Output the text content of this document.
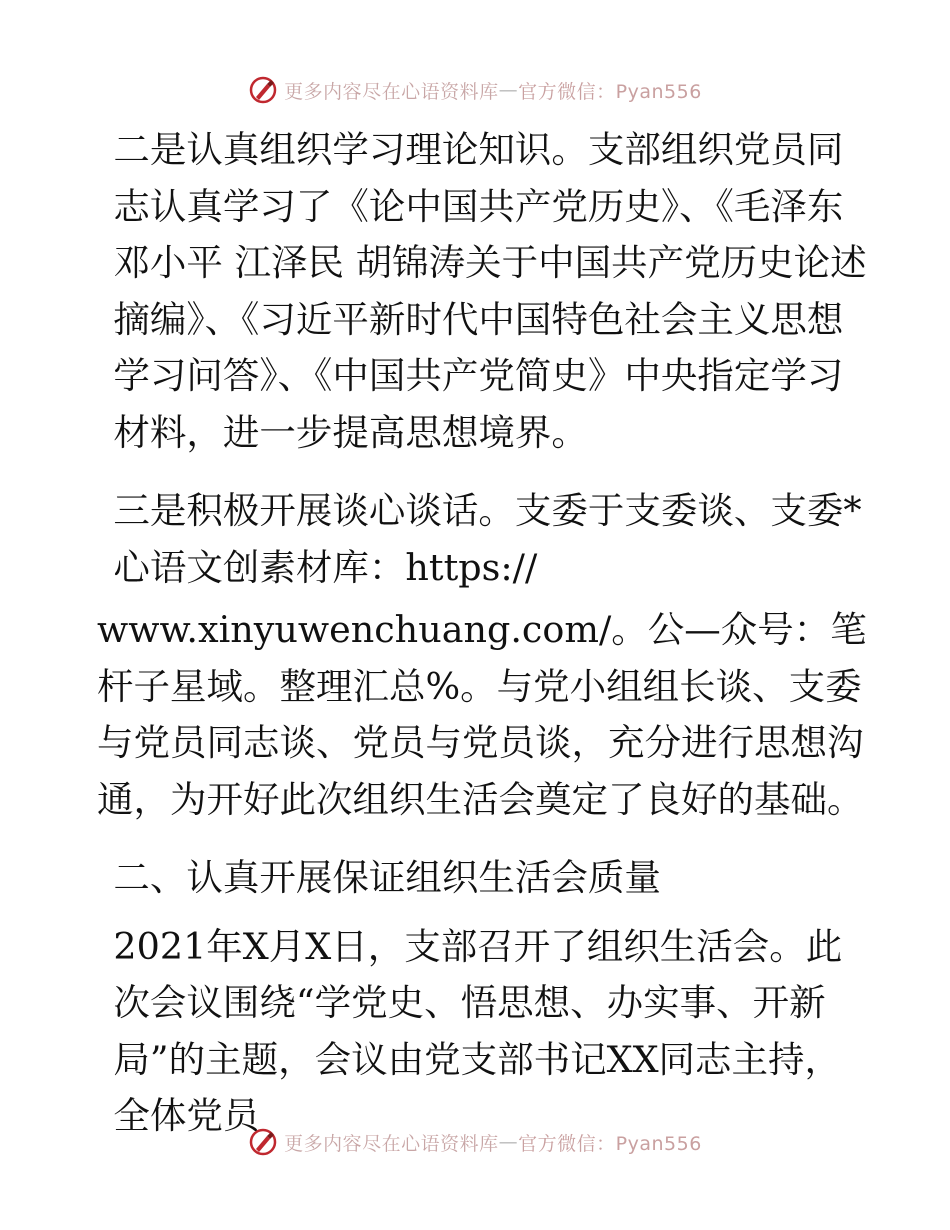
更多内容尽在心语资料库 — 官方微信：Pyan556

二是认真组织学习理论知识。支部组织党员同志认真学习了《论中国共产党历史》、《毛泽东 邓小平 江泽民 胡锦涛关于中国共产党历史论述摘编》、《习近平新时代中国特色社会主义思想学习问答》、《中国共产党简史》中央指定学习材料，进一步提高思想境界。

三是积极开展谈心谈话。支委于支委谈、支委*心语文创素材库：https://

www.xinyuwenchuang.com/。公—众号：笔杆子星域。整理汇总%。与党小组组长谈、支委与党员同志谈、党员与党员谈，充分进行思想沟通，为开好此次组织生活会奠定了良好的基础。

二、认真开展保证组织生活会质量

2021年X月X日，支部召开了组织生活会。此次会议围绕“学党史、悟思想、办实事、开新局”的主题，会议由党支部书记XX同志主持，全体党员

更多内容尽在心语资料库 — 官方微信：Pyan556
